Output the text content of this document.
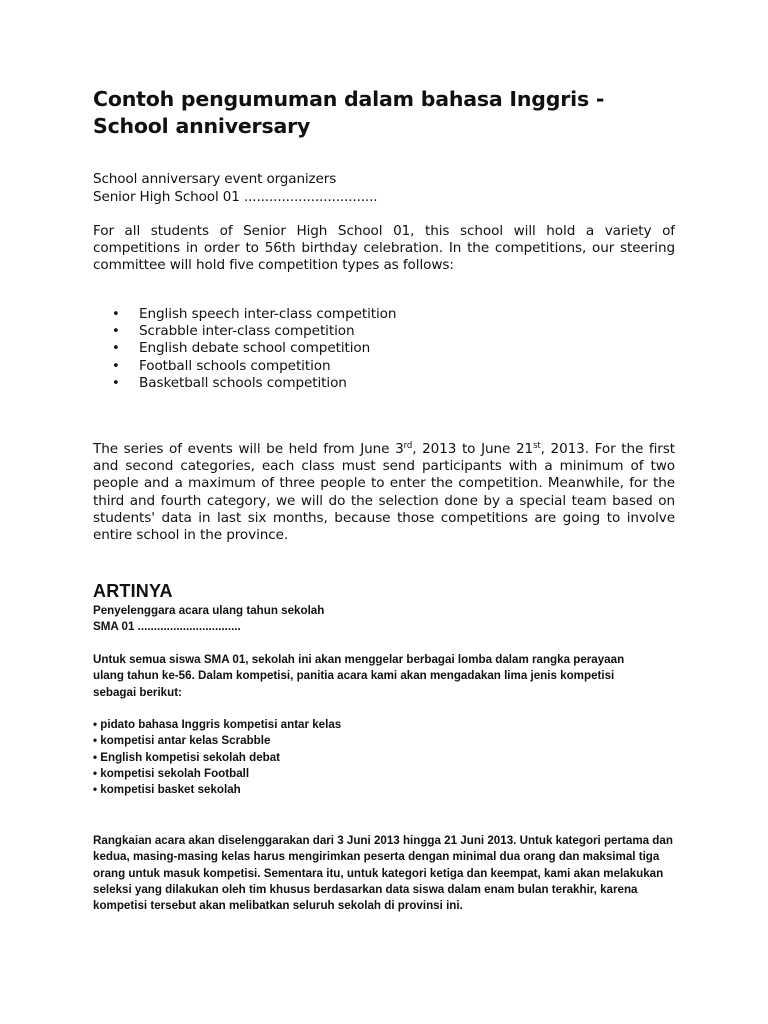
Contoh pengumuman dalam bahasa Inggris - School anniversary
School anniversary event organizers
Senior High School 01 ................................

For all students of Senior High School 01, this school will hold a variety of competitions in order to 56th birthday celebration. In the competitions, our steering committee will hold five competition types as follows:

• English speech inter-class competition
• Scrabble inter-class competition
• English debate school competition
• Football schools competition
• Basketball schools competition

The series of events will be held from June 3rd, 2013 to June 21st, 2013. For the first and second categories, each class must send participants with a minimum of two people and a maximum of three people to enter the competition. Meanwhile, for the third and fourth category, we will do the selection done by a special team based on students' data in last six months, because those competitions are going to involve entire school in the province.

ARTINYA
Penyelenggara acara ulang tahun sekolah
SMA 01 ................................

Untuk semua siswa SMA 01, sekolah ini akan menggelar berbagai lomba dalam rangka perayaan ulang tahun ke-56. Dalam kompetisi, panitia acara kami akan mengadakan lima jenis kompetisi sebagai berikut:

• pidato bahasa Inggris kompetisi antar kelas
• kompetisi antar kelas Scrabble
• English kompetisi sekolah debat
• kompetisi sekolah Football
• kompetisi basket sekolah

Rangkaian acara akan diselenggarakan dari 3 Juni 2013 hingga 21 Juni 2013. Untuk kategori pertama dan kedua, masing-masing kelas harus mengirimkan peserta dengan minimal dua orang dan maksimal tiga orang untuk masuk kompetisi. Sementara itu, untuk kategori ketiga dan keempat, kami akan melakukan seleksi yang dilakukan oleh tim khusus berdasarkan data siswa dalam enam bulan terakhir, karena kompetisi tersebut akan melibatkan seluruh sekolah di provinsi ini.
